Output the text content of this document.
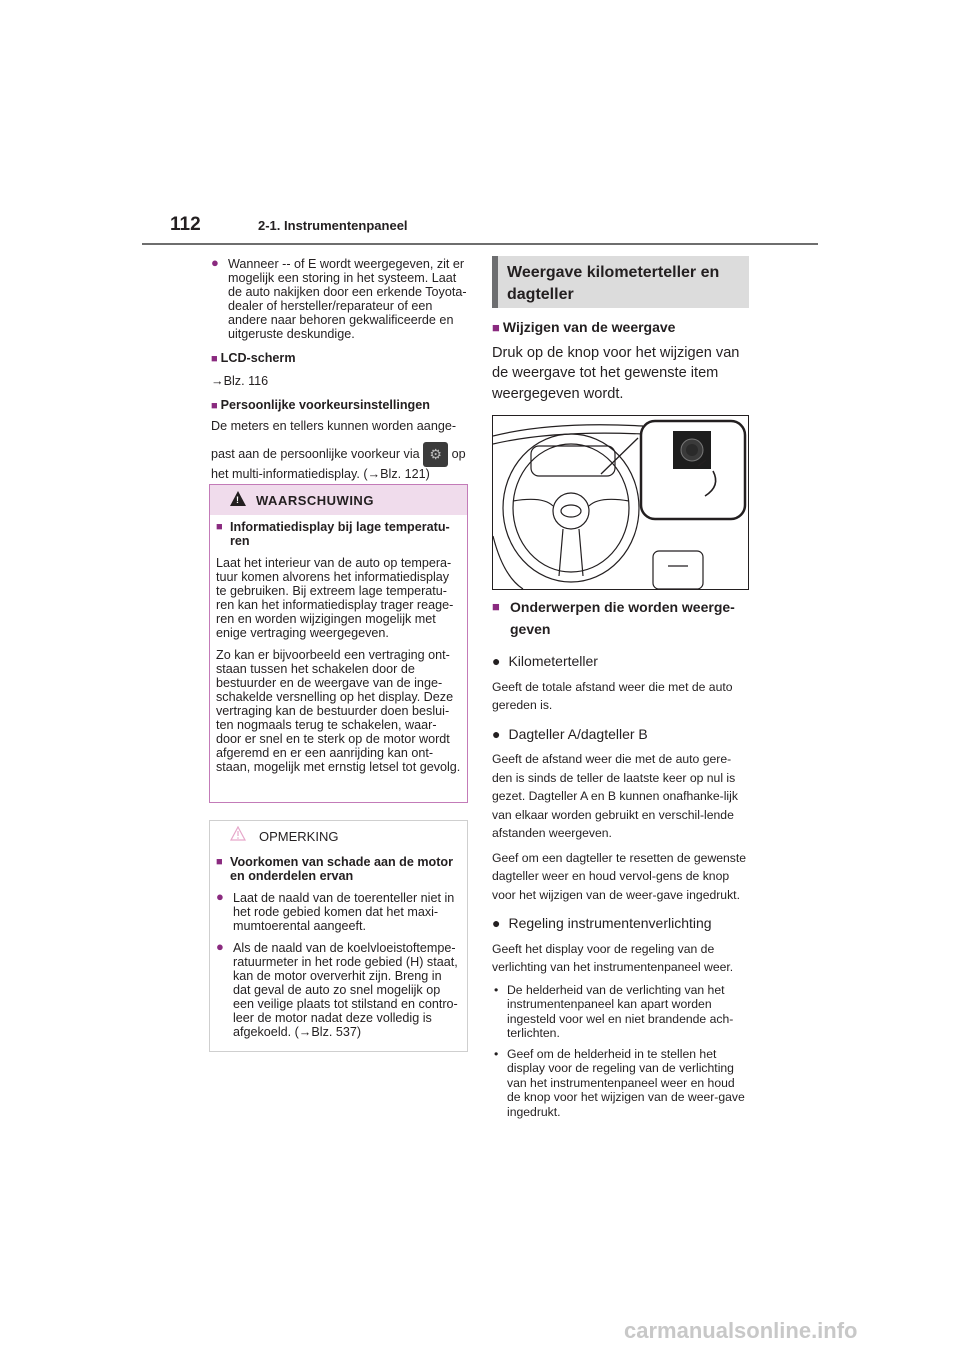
112	2-1. Instrumentenpaneel
● Wanneer -- of E wordt weergegeven, zit er mogelijk een storing in het systeem. Laat de auto nakijken door een erkende Toyota-dealer of hersteller/reparateur of een andere naar behoren gekwalificeerde en uitgeruste deskundige.

■ LCD-scherm

→Blz. 116

■ Persoonlijke voorkeursinstellingen

De meters en tellers kunnen worden aange-

past aan de persoonlijke voorkeur via ⚙ op

het multi-informatiedisplay. (→Blz. 121)

! WAARSCHUWING
■ Informatiedisplay bij lage temperatu-ren

Laat het interieur van de auto op tempera-tuur komen alvorens het informatiedisplay te gebruiken. Bij extreem lage temperatu-ren kan het informatiedisplay trager reage-ren en worden wijzigingen mogelijk met enige vertraging weergegeven.

Zo kan er bijvoorbeeld een vertraging ont-staan tussen het schakelen door de bestuurder en de weergave van de inge-schakelde versnelling op het display. Deze vertraging kan de bestuurder doen beslui-ten nogmaals terug te schakelen, waar-door er snel en te sterk op de motor wordt afgeremd en er een aanrijding kan ont-staan, mogelijk met ernstig letsel tot gevolg.

OPMERKING
■ Voorkomen van schade aan de motor en onderdelen ervan
● Laat de naald van de toerenteller niet in het rode gebied komen dat het maxi-mumtoerental aangeeft.

● Als de naald van de koelvloeistoftempe-ratuurmeter in het rode gebied (H) staat, kan de motor oververhit zijn. Breng in dat geval de auto zo snel mogelijk op een veilige plaats tot stilstand en contro-leer de motor nadat deze volledig is afgekoeld. (→Blz. 537)

Weergave kilometerteller en dagteller
■ Wijzigen van de weergave

Druk op de knop voor het wijzigen van de weergave tot het gewenste item weergegeven wordt.

■ Onderwerpen die worden weerge-geven
● Kilometerteller

Geeft de totale afstand weer die met de auto gereden is.

● Dagteller A/dagteller B

Geeft de afstand weer die met de auto gere-den is sinds de teller de laatste keer op nul is gezet. Dagteller A en B kunnen onafhanke-lijk van elkaar worden gebruikt en verschil-lende afstanden weergeven.

Geef om een dagteller te resetten de gewenste dagteller weer en houd vervol-gens de knop voor het wijzigen van de weer-gave ingedrukt.

● Regeling instrumentenverlichting

Geeft het display voor de regeling van de verlichting van het instrumentenpaneel weer.

• De helderheid van de verlichting van het instrumentenpaneel kan apart worden ingesteld voor wel en niet brandende ach-terlichten.

• Geef om de helderheid in te stellen het display voor de regeling van de verlichting van het instrumentenpaneel weer en houd de knop voor het wijzigen van de weer-gave ingedrukt.

carmanualsonline.info
